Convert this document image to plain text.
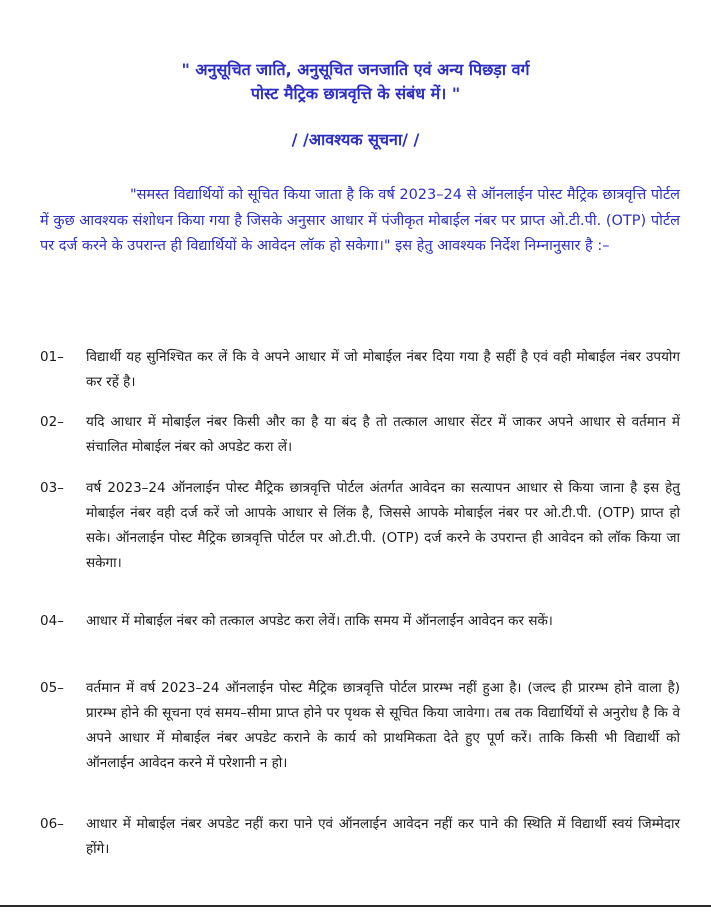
" अनुसूचित जाति, अनुसूचित जनजाति एवं अन्य पिछड़ा वर्ग
पोस्ट मैट्रिक छात्रवृत्ति के संबंध में। "
/ /आवश्यक सूचना/ /
"समस्त विद्यार्थियों को सूचित किया जाता है कि वर्ष 2023–24 से ऑनलाईन पोस्ट मैट्रिक छात्रवृत्ति पोर्टल में कुछ आवश्यक संशोधन किया गया है जिसके अनुसार आधार में पंजीकृत मोबाईल नंबर पर प्राप्त ओ.टी.पी. (OTP) पोर्टल पर दर्ज करने के उपरान्त ही विद्यार्थियों के आवेदन लॉक हो सकेगा।" इस हेतु आवश्यक निर्देश निम्नानुसार है :–
01–	विद्यार्थी यह सुनिश्चित कर लें कि वे अपने आधार में जो मोबाईल नंबर दिया गया है सहीं है एवं वही मोबाईल नंबर उपयोग कर रहें है।
02–	यदि आधार में मोबाईल नंबर किसी और का है या बंद है तो तत्काल आधार सेंटर में जाकर अपने आधार से वर्तमान में संचालित मोबाईल नंबर को अपडेट करा लें।
03–	वर्ष 2023–24 ऑनलाईन पोस्ट मैट्रिक छात्रवृत्ति पोर्टल अंतर्गत आवेदन का सत्यापन आधार से किया जाना है इस हेतु मोबाईल नंबर वही दर्ज करें जो आपके आधार से लिंक है, जिससे आपके मोबाईल नंबर पर ओ.टी.पी. (OTP) प्राप्त हो सके। ऑनलाईन पोस्ट मैट्रिक छात्रवृत्ति पोर्टल पर ओ.टी.पी. (OTP) दर्ज करने के उपरान्त ही आवेदन को लॉक किया जा सकेगा।
04–	आधार में मोबाईल नंबर को तत्काल अपडेट करा लेवें। ताकि समय में ऑनलाईन आवेदन कर सकें।
05–	वर्तमान में वर्ष 2023–24 ऑनलाईन पोस्ट मैट्रिक छात्रवृत्ति पोर्टल प्रारम्भ नहीं हुआ है। (जल्द ही प्रारम्भ होने वाला है) प्रारम्भ होने की सूचना एवं समय–सीमा प्राप्त होने पर पृथक से सूचित किया जावेगा। तब तक विद्यार्थियों से अनुरोध है कि वे अपने आधार में मोबाईल नंबर अपडेट कराने के कार्य को प्राथमिकता देते हुए पूर्ण करें। ताकि किसी भी विद्यार्थी को ऑनलाईन आवेदन करने में परेशानी न हो।
06–	आधार में मोबाईल नंबर अपडेट नहीं करा पाने एवं ऑनलाईन आवेदन नहीं कर पाने की स्थिति में विद्यार्थी स्वयं जिम्मेदार होंगे।
